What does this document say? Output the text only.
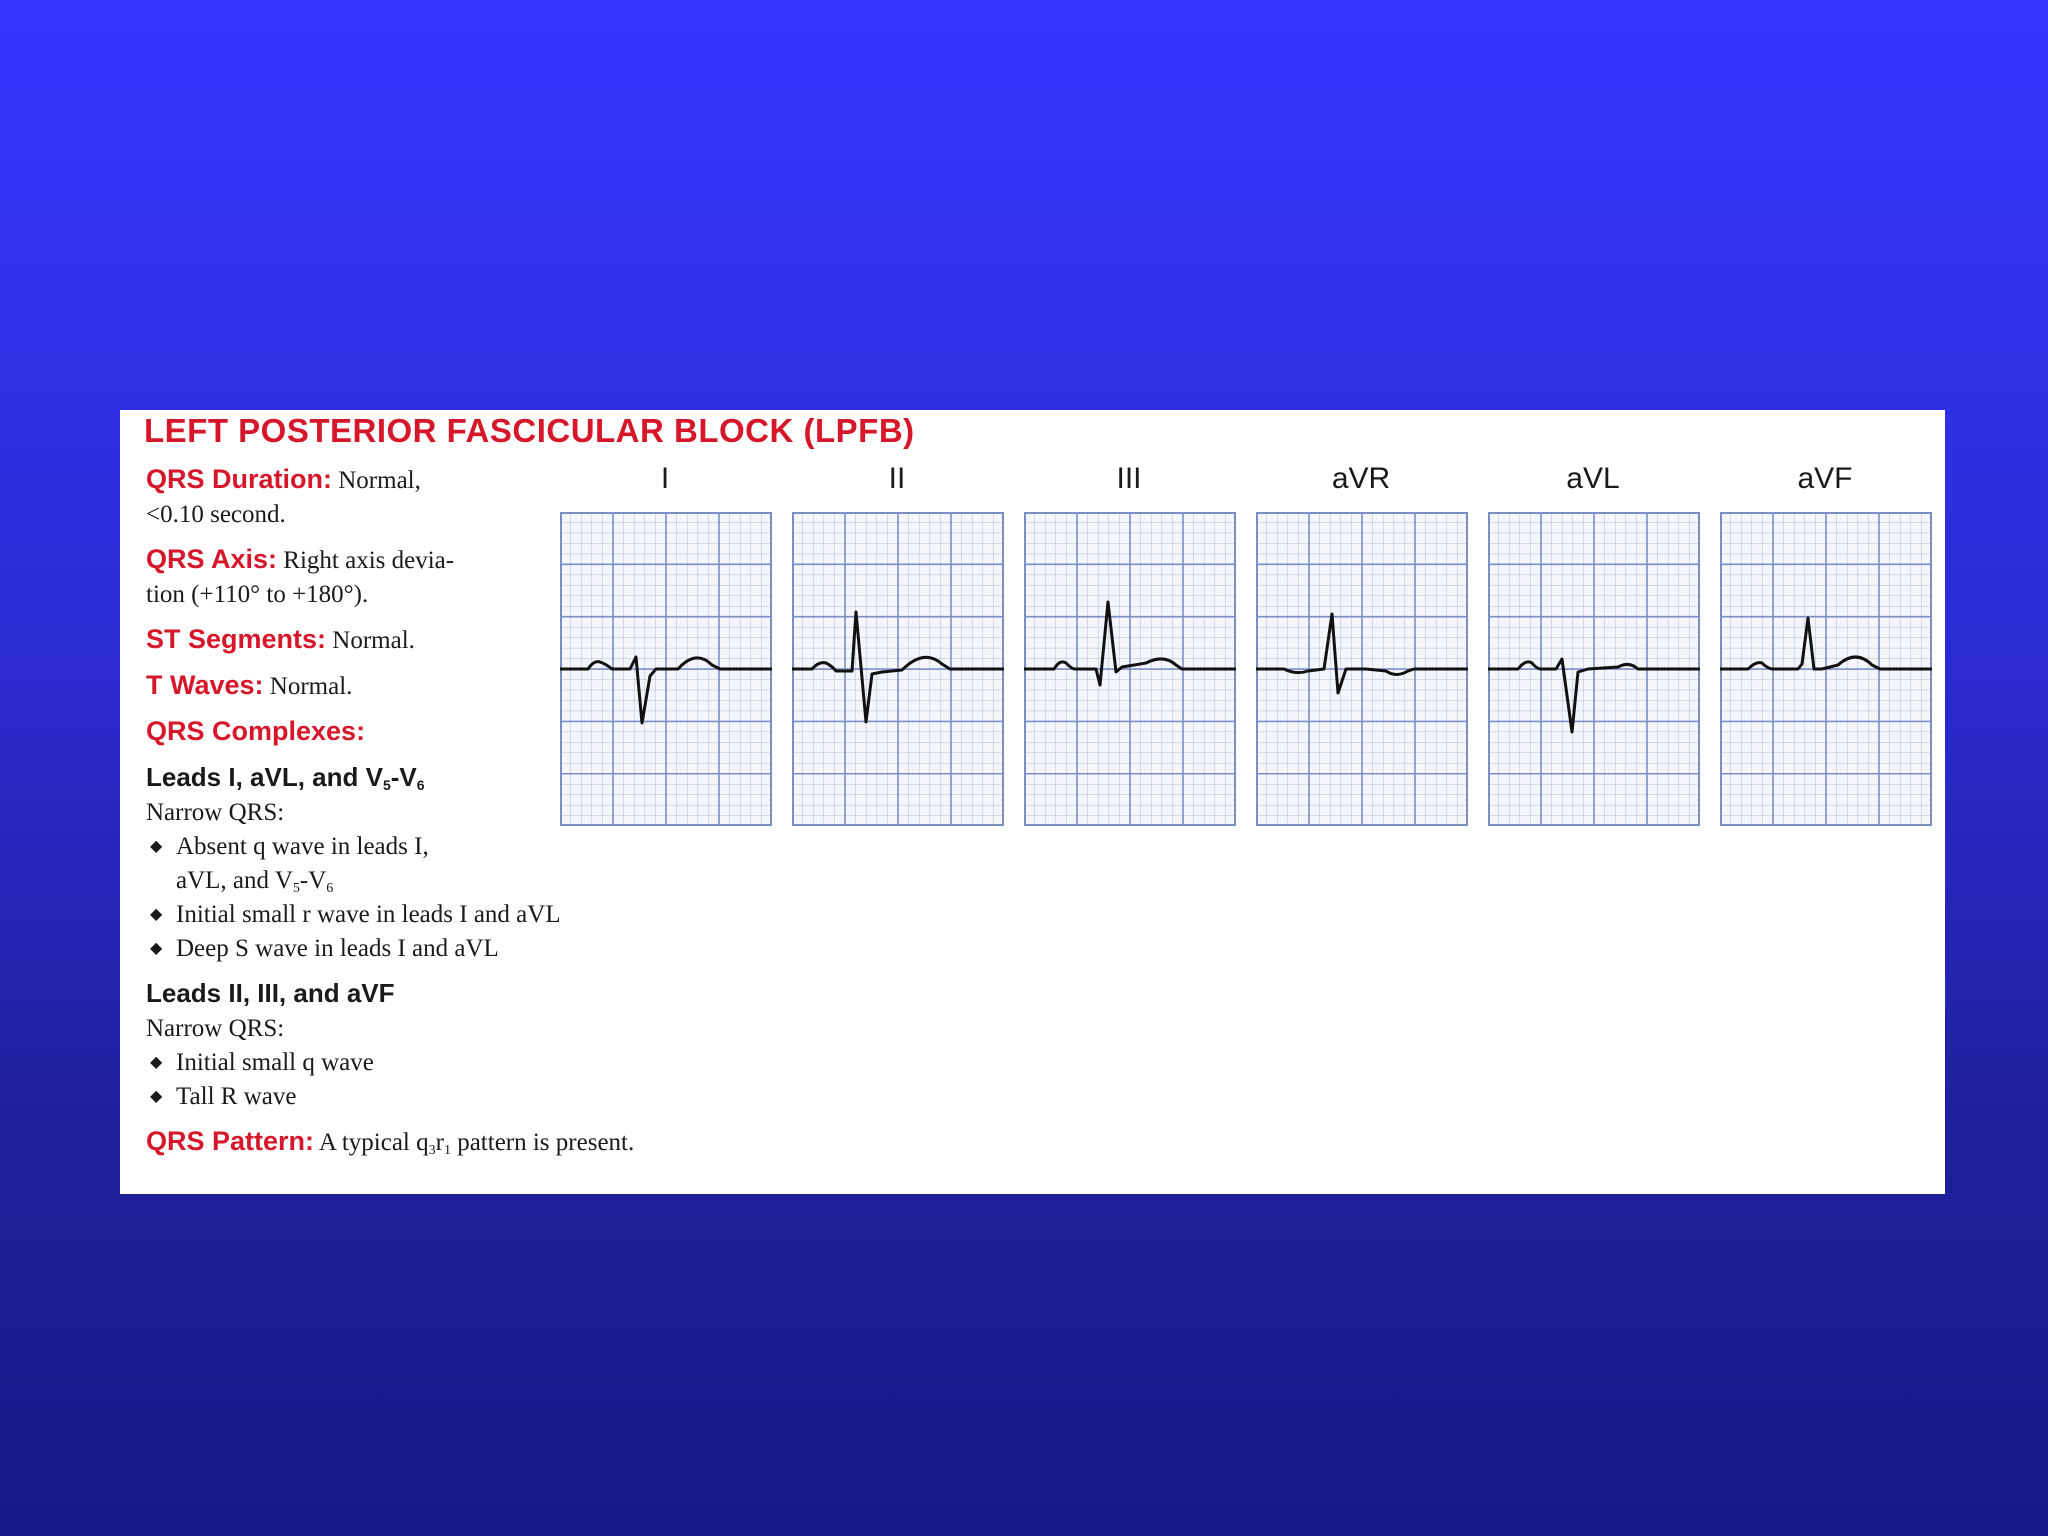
LEFT POSTERIOR FASCICULAR BLOCK (LPFB)

QRS Duration: Normal,

<0.10 second.

QRS Axis: Right axis devia-

tion (+110° to +180°).

ST Segments: Normal.

T Waves: Normal.

QRS Complexes:

Leads I, aVL, and $V_5-V_6$

Narrow QRS:

◆ Absent q wave in leads I,
aVL, and $V_5-V_6$

◆ Initial small r wave in leads I and aVL

◆ Deep S wave in leads I and aVL

Leads II, III, and aVF

Narrow QRS:

◆ Initial small q wave

◆ Tall R wave

QRS Pattern: A typical $q_3r_1$ pattern is present.

I	II	III	aVR	aVL	aVF
